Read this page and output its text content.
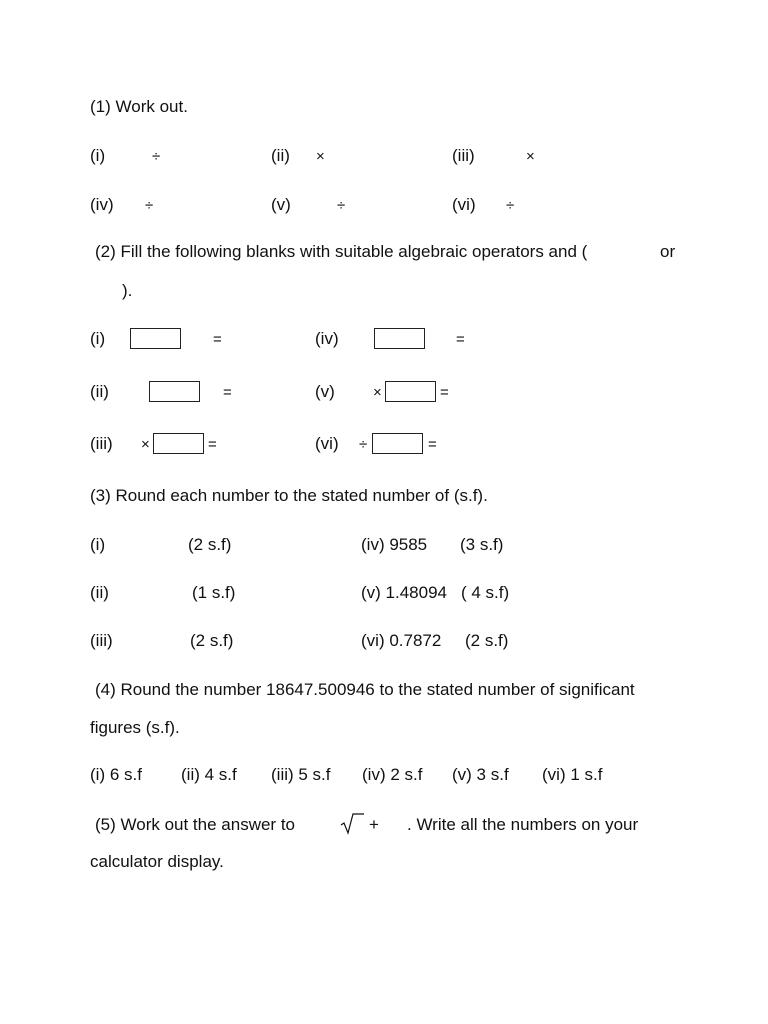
(1) Work out.
(i)	÷	(ii) ×	(iii)	×
(iv) ÷	(v)	÷	(vi) ÷
(2) Fill the following blanks with suitable algebraic operators and (	or
).
(i)	=	(iv)	=
(ii)	=	(v)	×	=
(iii) ×	=	(vi) ÷	=
(3) Round each number to the stated number of (s.f).
(i)	(2 s.f)	(iv) 9585 (3 s.f)
(ii)	(1 s.f)	(v) 1.48094 ( 4 s.f)
(iii)	(2 s.f)	(vi) 0.7872 (2 s.f)
(4) Round the number 18647.500946 to the stated number of significant
figures (s.f).
(i) 6 s.f (ii) 4 s.f (iii) 5 s.f (iv) 2 s.f (v) 3 s.f (vi) 1 s.f
(5) Work out the answer to	+ . Write all the numbers on your
calculator display.
